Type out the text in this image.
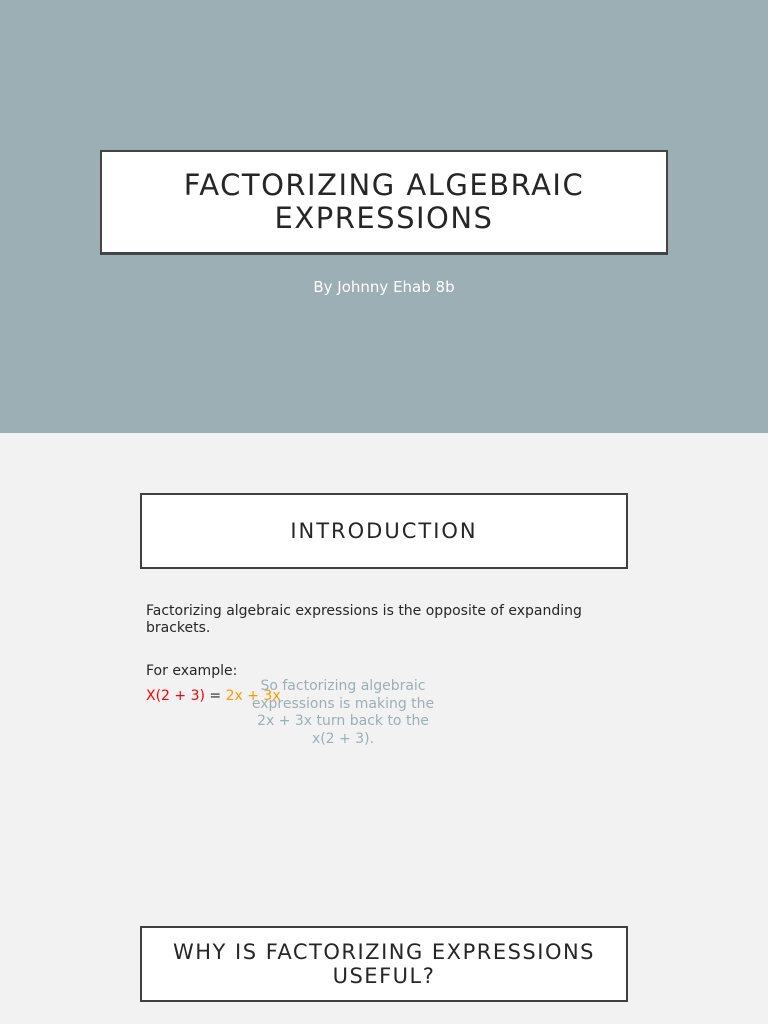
FACTORIZING ALGEBRAIC EXPRESSIONS
By Johnny Ehab 8b
INTRODUCTION

Factorizing algebraic expressions is the opposite of expanding brackets.

For example:

X(2 + 3) = 2x + 3x

So factorizing algebraic expressions is making the 2x + 3x turn back to the x(2 + 3).

WHY IS FACTORIZING EXPRESSIONS USEFUL?
